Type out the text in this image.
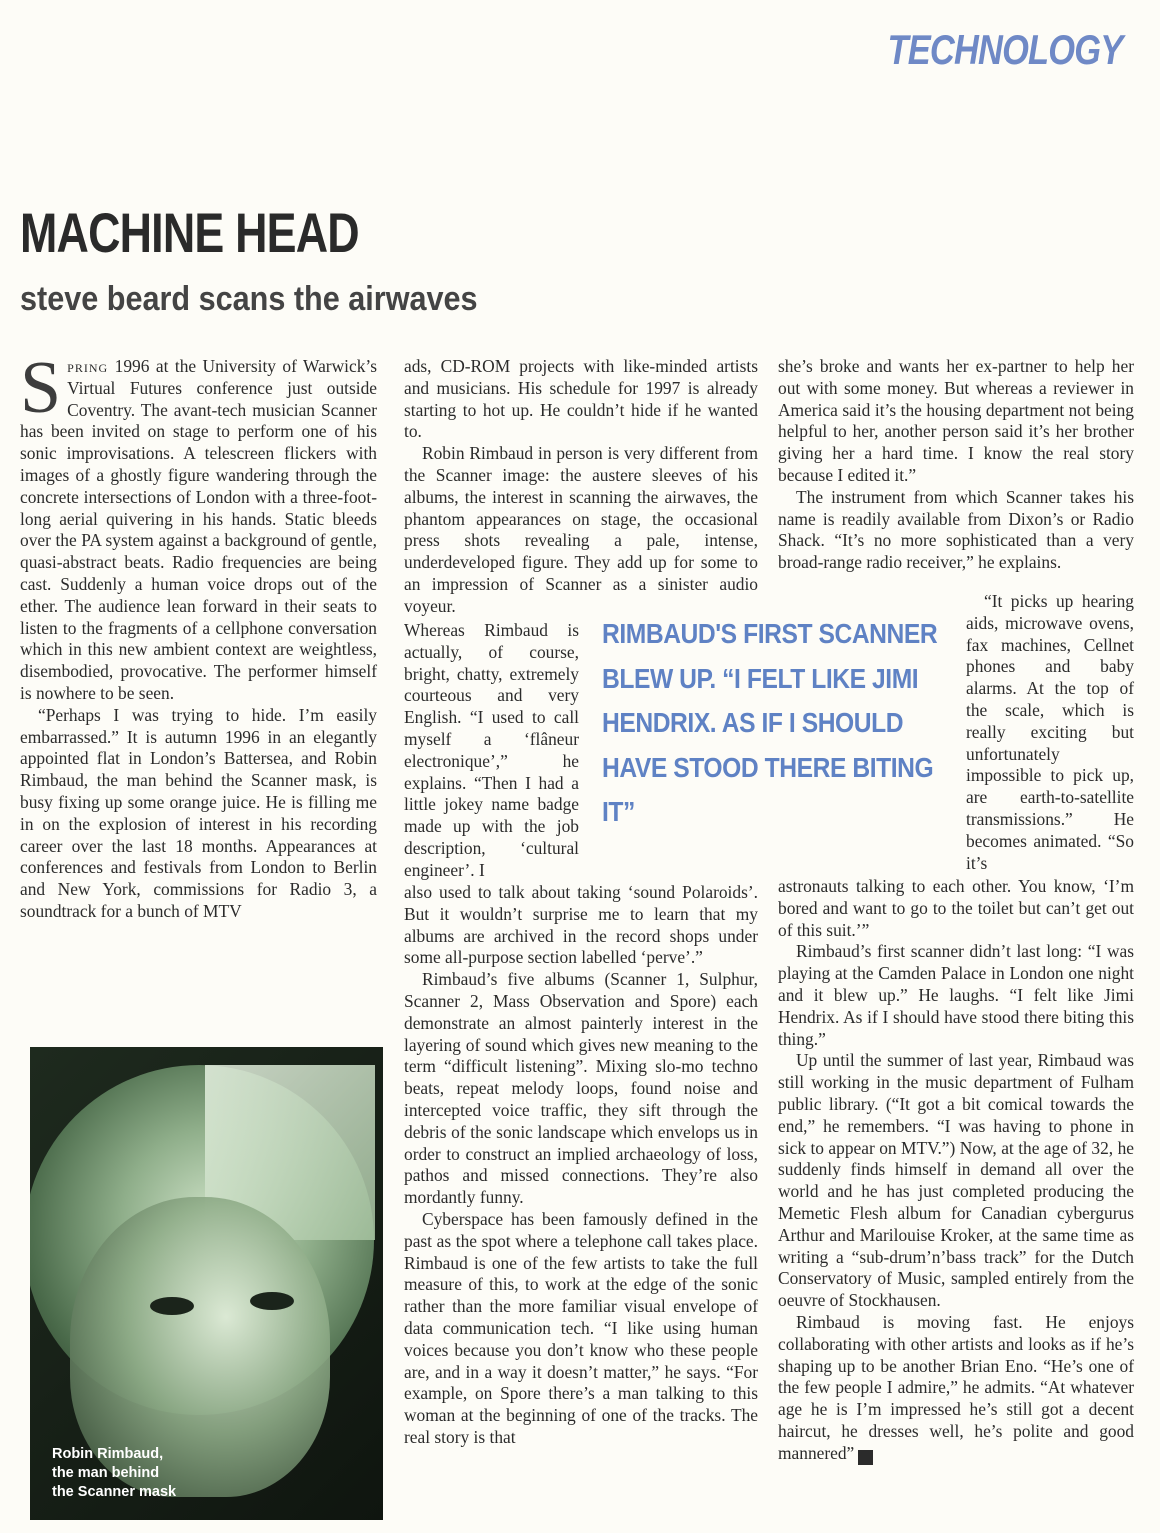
TECHNOLOGY
MACHINE HEAD
steve beard scans the airwaves

Spring 1996 at the University of Warwick’s Virtual Futures conference just outside Coventry. The avant-tech musician Scanner has been invited on stage to perform one of his sonic improvisations. A telescreen flickers with images of a ghostly figure wandering through the concrete intersections of London with a three-foot-long aerial quivering in his hands. Static bleeds over the PA system against a background of gentle, quasi-abstract beats. Radio frequencies are being cast. Suddenly a human voice drops out of the ether. The audience lean forward in their seats to listen to the fragments of a cellphone conversation which in this new ambient context are weightless, disembodied, provocative. The performer himself is nowhere to be seen.

“Perhaps I was trying to hide. I’m easily embarrassed.” It is autumn 1996 in an elegantly appointed flat in London’s Battersea, and Robin Rimbaud, the man behind the Scanner mask, is busy fixing up some orange juice. He is filling me in on the explosion of interest in his recording career over the last 18 months. Appearances at conferences and festivals from London to Berlin and New York, commissions for Radio 3, a soundtrack for a bunch of MTV

Robin Rimbaud,
the man behind
the Scanner mask

ads, CD-ROM projects with like-minded artists and musicians. His schedule for 1997 is already starting to hot up. He couldn’t hide if he wanted to.

Robin Rimbaud in person is very different from the Scanner image: the austere sleeves of his albums, the interest in scanning the airwaves, the phantom appearances on stage, the occasional press shots revealing a pale, intense, underdeveloped figure. They add up for some to an impression of Scanner as a sinister audio voyeur.

Whereas Rimbaud is actually, of course, bright, chatty, extremely courteous and very English. “I used to call myself a ‘flâneur electronique’,” he explains. “Then I had a little jokey name badge made up with the job description, ‘cultural engineer’. I

also used to talk about taking ‘sound Polaroids’. But it wouldn’t surprise me to learn that my albums are archived in the record shops under some all-purpose section labelled ‘perve’.”

Rimbaud’s five albums (Scanner 1, Sulphur, Scanner 2, Mass Observation and Spore) each demonstrate an almost painterly interest in the layering of sound which gives new meaning to the term “difficult listening”. Mixing slo-mo techno beats, repeat melody loops, found noise and intercepted voice traffic, they sift through the debris of the sonic landscape which envelops us in order to construct an implied archaeology of loss, pathos and missed connections. They’re also mordantly funny.

Cyberspace has been famously defined in the past as the spot where a telephone call takes place. Rimbaud is one of the few artists to take the full measure of this, to work at the edge of the sonic rather than the more familiar visual envelope of data communication tech. “I like using human voices because you don’t know who these people are, and in a way it doesn’t matter,” he says. “For example, on Spore there’s a man talking to this woman at the beginning of one of the tracks. The real story is that

RIMBAUD'S FIRST SCANNER BLEW UP. “I FELT LIKE JIMI HENDRIX. AS IF I SHOULD HAVE STOOD THERE BITING IT”

she’s broke and wants her ex-partner to help her out with some money. But whereas a reviewer in America said it’s the housing department not being helpful to her, another person said it’s her brother giving her a hard time. I know the real story because I edited it.”

The instrument from which Scanner takes his name is readily available from Dixon’s or Radio Shack. “It’s no more sophisticated than a very broad-range radio receiver,” he explains.

“It picks up hearing aids, microwave ovens, fax machines, Cellnet phones and baby alarms. At the top of the scale, which is really exciting but unfortunately impossible to pick up, are earth-to-satellite transmissions.” He becomes animated. “So it’s

astronauts talking to each other. You know, ‘I’m bored and want to go to the toilet but can’t get out of this suit.’”

Rimbaud’s first scanner didn’t last long: “I was playing at the Camden Palace in London one night and it blew up.” He laughs. “I felt like Jimi Hendrix. As if I should have stood there biting this thing.”

Up until the summer of last year, Rimbaud was still working in the music department of Fulham public library. (“It got a bit comical towards the end,” he remembers. “I was having to phone in sick to appear on MTV.”) Now, at the age of 32, he suddenly finds himself in demand all over the world and he has just completed producing the Memetic Flesh album for Canadian cybergurus Arthur and Marilouise Kroker, at the same time as writing a “sub-drum’n’bass track” for the Dutch Conservatory of Music, sampled entirely from the oeuvre of Stockhausen.

Rimbaud is moving fast. He enjoys collaborating with other artists and looks as if he’s shaping up to be another Brian Eno. “He’s one of the few people I admire,” he admits. “At whatever age he is I’m impressed he’s still got a decent haircut, he dresses well, he’s polite and good mannered” A
